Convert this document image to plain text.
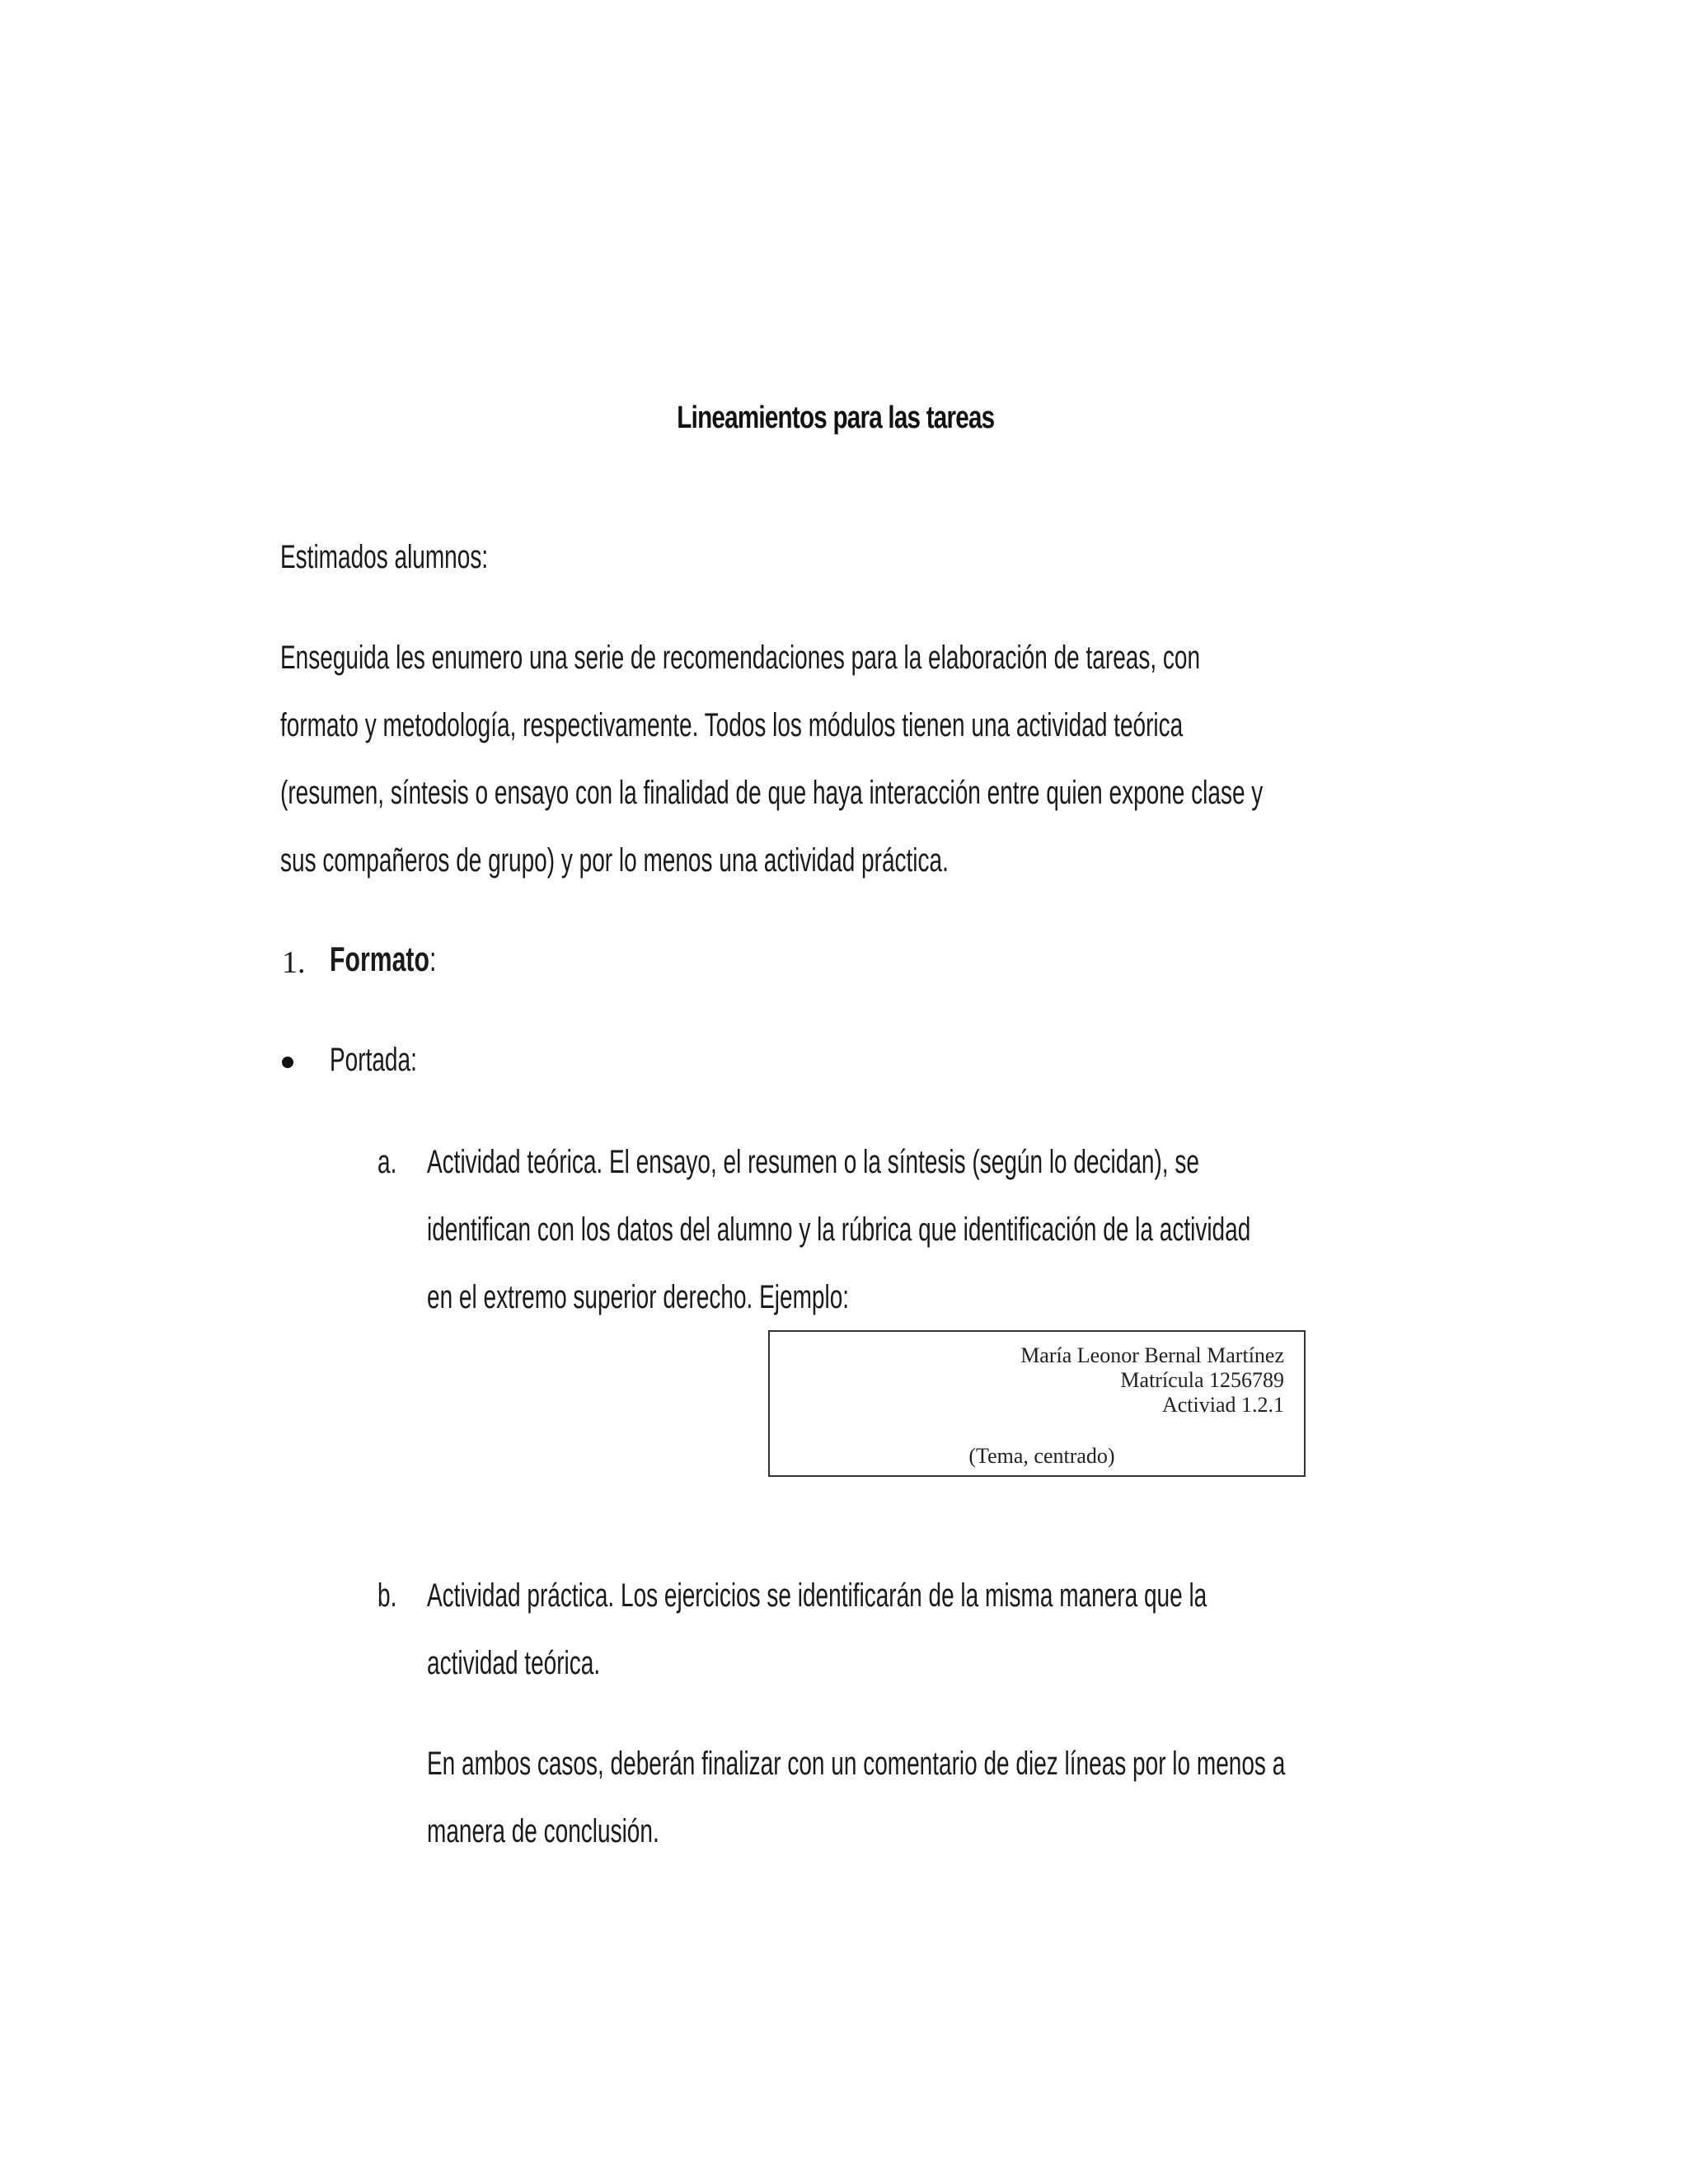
Lineamientos para las tareas
Estimados alumnos:
Enseguida les enumero una serie de recomendaciones para la elaboración de tareas, con
formato y metodología, respectivamente. Todos los módulos tienen una actividad teórica
(resumen, síntesis o ensayo con la finalidad de que haya interacción entre quien expone clase y
sus compañeros de grupo) y por lo menos una actividad práctica.
1. Formato:
Portada:
a. Actividad teórica. El ensayo, el resumen o la síntesis (según lo decidan), se
identifican con los datos del alumno y la rúbrica que identificación de la actividad
en el extremo superior derecho. Ejemplo:
María Leonor Bernal Martínez
Matrícula 1256789
Activiad 1.2.1
(Tema, centrado)
b. Actividad práctica. Los ejercicios se identificarán de la misma manera que la
actividad teórica.
En ambos casos, deberán finalizar con un comentario de diez líneas por lo menos a
manera de conclusión.
